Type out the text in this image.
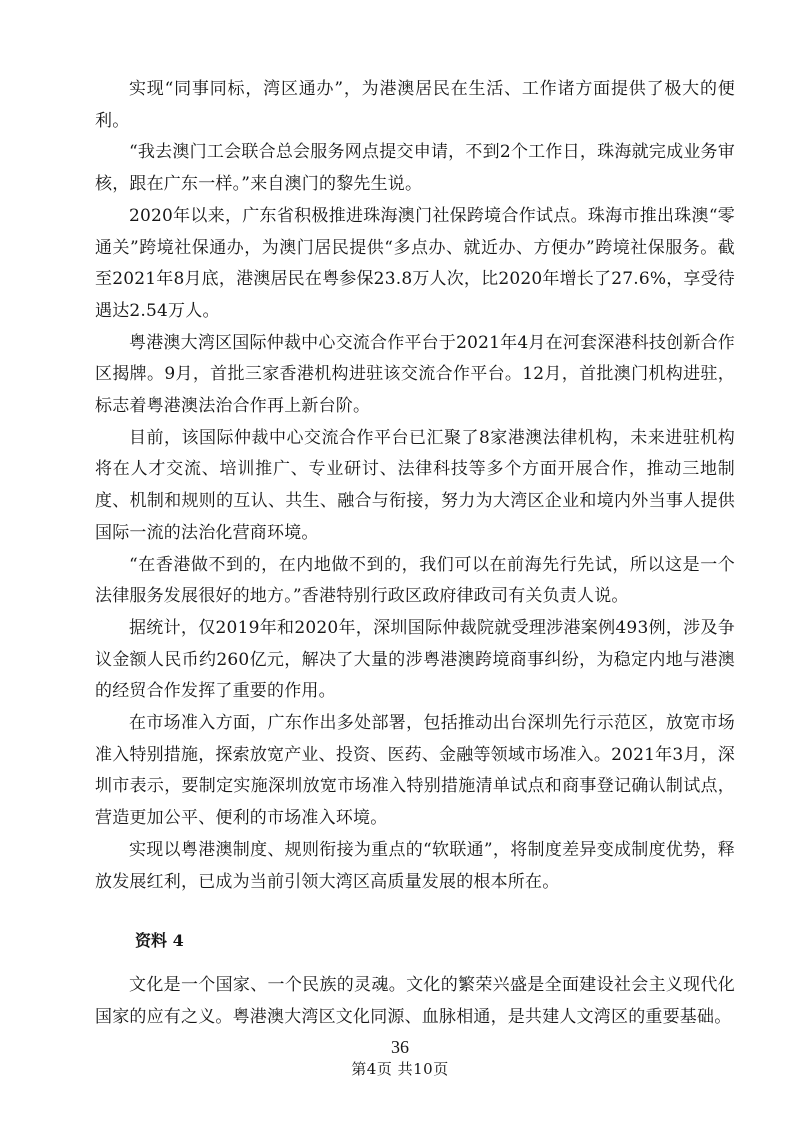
实现“同事同标，湾区通办”，为港澳居民在生活、工作诸方面提供了极大的便利。

“我去澳门工会联合总会服务网点提交申请，不到2个工作日，珠海就完成业务审核，跟在广东一样。”来自澳门的黎先生说。

2020年以来，广东省积极推进珠海澳门社保跨境合作试点。珠海市推出珠澳“零通关”跨境社保通办，为澳门居民提供“多点办、就近办、方便办”跨境社保服务。截至2021年8月底，港澳居民在粤参保23.8万人次，比2020年增长了27.6%，享受待遇达2.54万人。

粤港澳大湾区国际仲裁中心交流合作平台于2021年4月在河套深港科技创新合作区揭牌。9月，首批三家香港机构进驻该交流合作平台。12月，首批澳门机构进驻，标志着粤港澳法治合作再上新台阶。

目前，该国际仲裁中心交流合作平台已汇聚了8家港澳法律机构，未来进驻机构将在人才交流、培训推广、专业研讨、法律科技等多个方面开展合作，推动三地制度、机制和规则的互认、共生、融合与衔接，努力为大湾区企业和境内外当事人提供国际一流的法治化营商环境。

“在香港做不到的，在内地做不到的，我们可以在前海先行先试，所以这是一个法律服务发展很好的地方。”香港特别行政区政府律政司有关负责人说。

据统计，仅2019年和2020年，深圳国际仲裁院就受理涉港案例493例，涉及争议金额人民币约260亿元，解决了大量的涉粤港澳跨境商事纠纷，为稳定内地与港澳的经贸合作发挥了重要的作用。

在市场准入方面，广东作出多处部署，包括推动出台深圳先行示范区，放宽市场准入特别措施，探索放宽产业、投资、医药、金融等领域市场准入。2021年3月，深圳市表示，要制定实施深圳放宽市场准入特别措施清单试点和商事登记确认制试点，营造更加公平、便利的市场准入环境。

实现以粤港澳制度、规则衔接为重点的“软联通”，将制度差异变成制度优势，释放发展红利，已成为当前引领大湾区高质量发展的根本所在。

资料 4

文化是一个国家、一个民族的灵魂。文化的繁荣兴盛是全面建设社会主义现代化国家的应有之义。粤港澳大湾区文化同源、血脉相通，是共建人文湾区的重要基础。

36
第4页 共10页
